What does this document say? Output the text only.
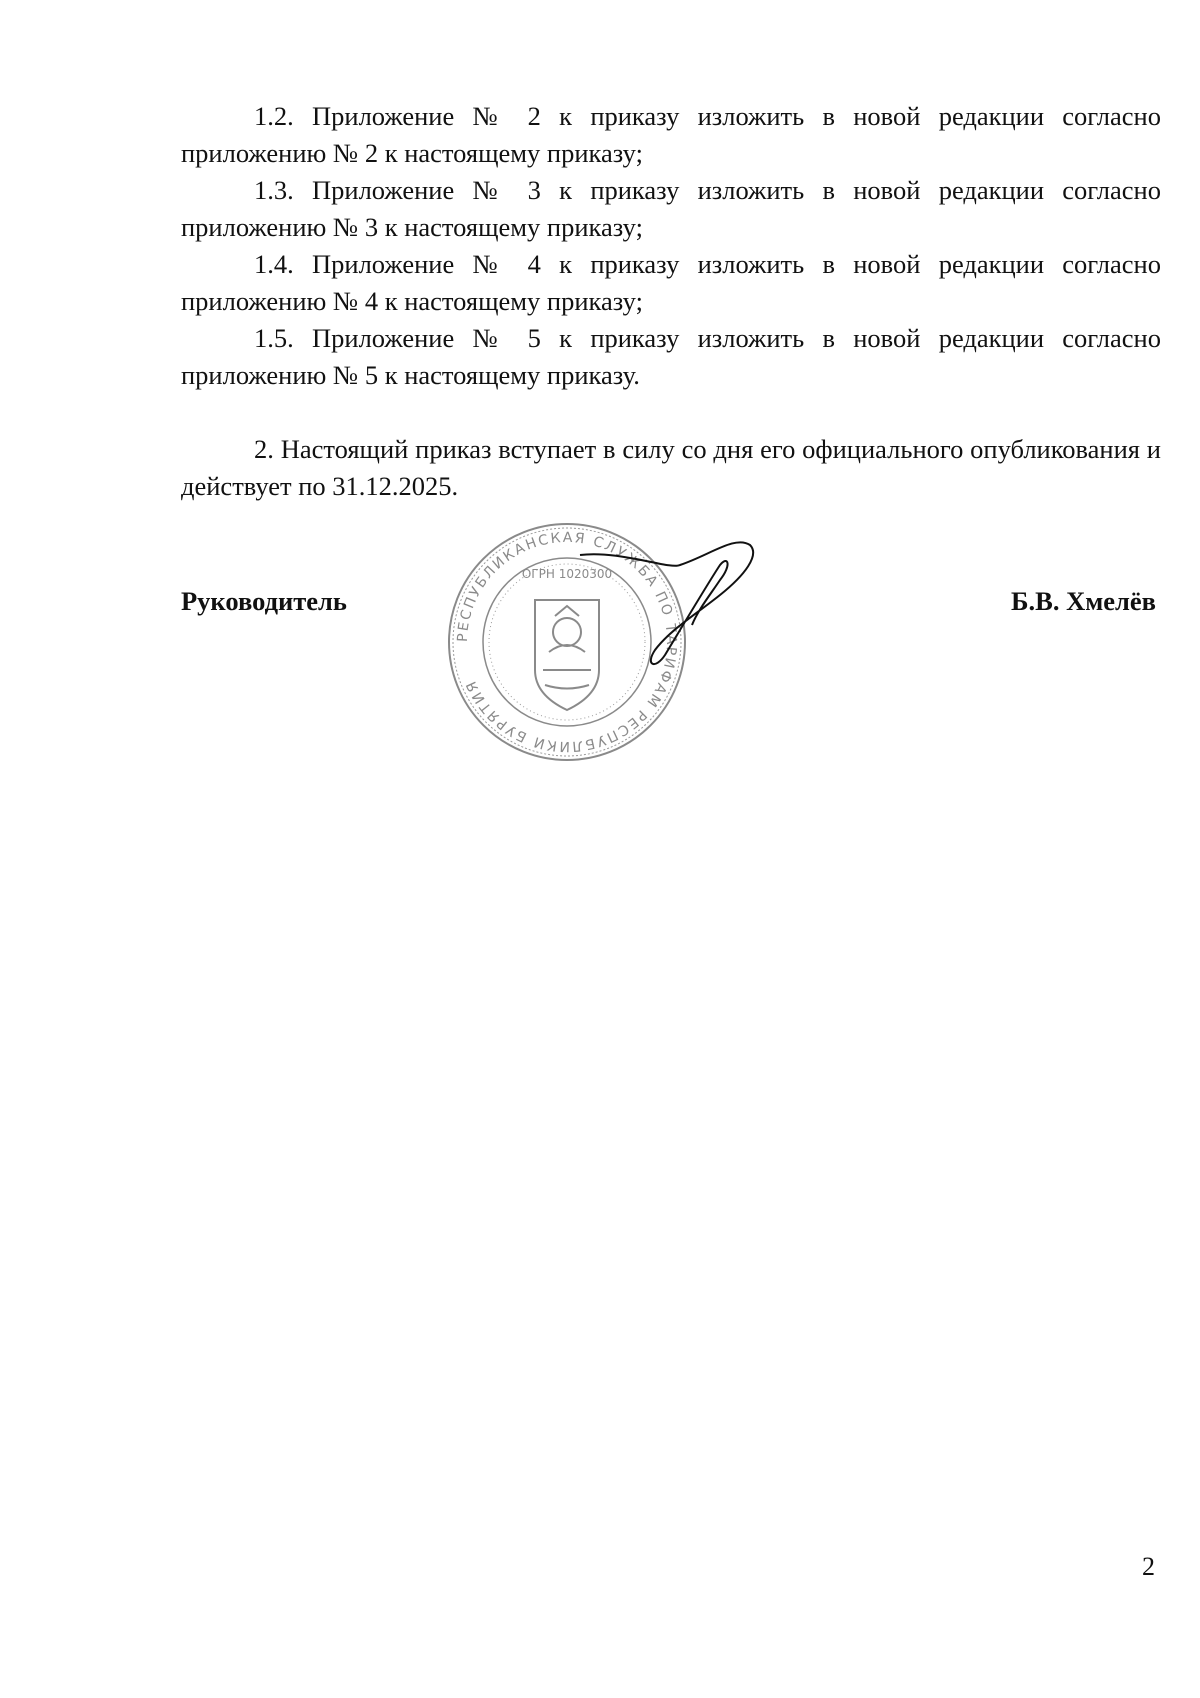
1.2. Приложение № 2 к приказу изложить в новой редакции согласно приложению № 2 к настоящему приказу;

1.3. Приложение № 3 к приказу изложить в новой редакции согласно приложению № 3 к настоящему приказу;

1.4. Приложение № 4 к приказу изложить в новой редакции согласно приложению № 4 к настоящему приказу;

1.5. Приложение № 5 к приказу изложить в новой редакции согласно приложению № 5 к настоящему приказу.

2. Настоящий приказ вступает в силу со дня его официального опубликования и действует по 31.12.2025.

Руководитель	Б.В. Хмелёв
РЕСПУБЛИКАНСКАЯ СЛУЖБА ПО ТАРИФАМ РЕСПУБЛИКИ БУРЯТИЯ
ОГРН 1020300
2
